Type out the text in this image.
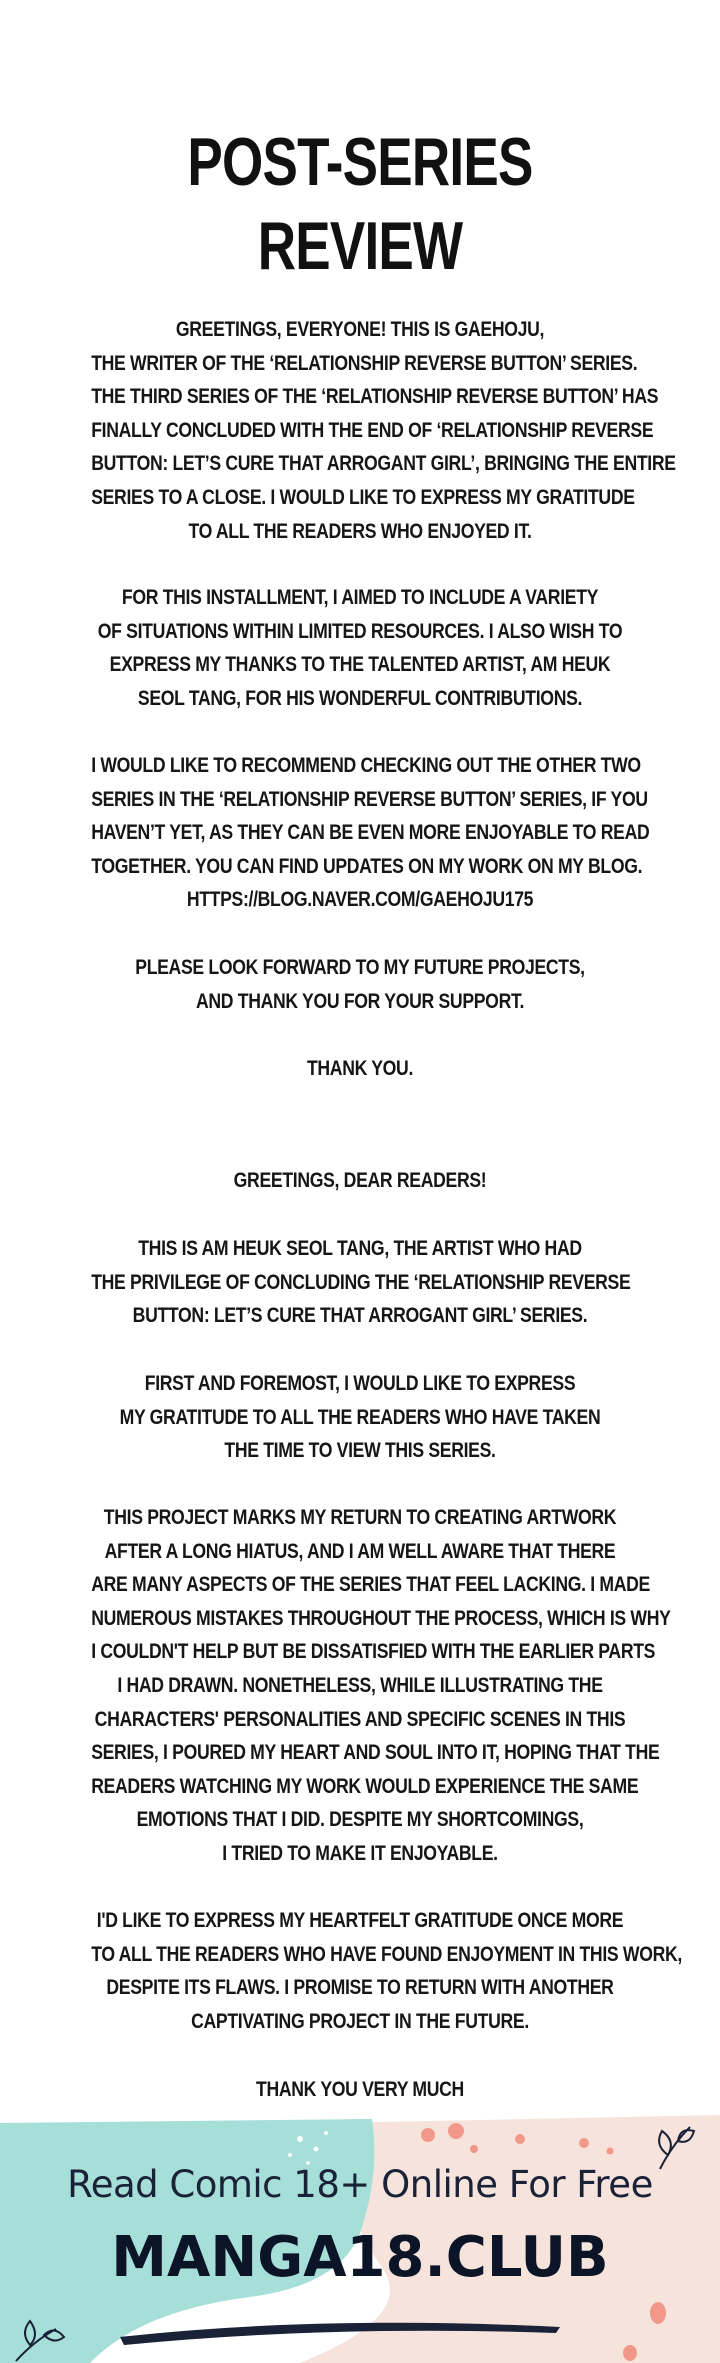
POST-SERIES REVIEW
GREETINGS, EVERYONE! THIS IS GAEHOJU,
THE WRITER OF THE ‘RELATIONSHIP REVERSE BUTTON’ SERIES.
THE THIRD SERIES OF THE ‘RELATIONSHIP REVERSE BUTTON’ HAS
FINALLY CONCLUDED WITH THE END OF ‘RELATIONSHIP REVERSE
BUTTON: LET’S CURE THAT ARROGANT GIRL’, BRINGING THE ENTIRE
SERIES TO A CLOSE. I WOULD LIKE TO EXPRESS MY GRATITUDE
TO ALL THE READERS WHO ENJOYED IT.
FOR THIS INSTALLMENT, I AIMED TO INCLUDE A VARIETY
OF SITUATIONS WITHIN LIMITED RESOURCES. I ALSO WISH TO
EXPRESS MY THANKS TO THE TALENTED ARTIST, AM HEUK
SEOL TANG, FOR HIS WONDERFUL CONTRIBUTIONS.
I WOULD LIKE TO RECOMMEND CHECKING OUT THE OTHER TWO
SERIES IN THE ‘RELATIONSHIP REVERSE BUTTON’ SERIES, IF YOU
HAVEN’T YET, AS THEY CAN BE EVEN MORE ENJOYABLE TO READ
TOGETHER. YOU CAN FIND UPDATES ON MY WORK ON MY BLOG.
HTTPS://BLOG.NAVER.COM/GAEHOJU175
PLEASE LOOK FORWARD TO MY FUTURE PROJECTS,
AND THANK YOU FOR YOUR SUPPORT.
THANK YOU.
GREETINGS, DEAR READERS!
THIS IS AM HEUK SEOL TANG, THE ARTIST WHO HAD
THE PRIVILEGE OF CONCLUDING THE ‘RELATIONSHIP REVERSE
BUTTON: LET’S CURE THAT ARROGANT GIRL’ SERIES.
FIRST AND FOREMOST, I WOULD LIKE TO EXPRESS
MY GRATITUDE TO ALL THE READERS WHO HAVE TAKEN
THE TIME TO VIEW THIS SERIES.
THIS PROJECT MARKS MY RETURN TO CREATING ARTWORK
AFTER A LONG HIATUS, AND I AM WELL AWARE THAT THERE
ARE MANY ASPECTS OF THE SERIES THAT FEEL LACKING. I MADE
NUMEROUS MISTAKES THROUGHOUT THE PROCESS, WHICH IS WHY
I COULDN'T HELP BUT BE DISSATISFIED WITH THE EARLIER PARTS
I HAD DRAWN. NONETHELESS, WHILE ILLUSTRATING THE
CHARACTERS' PERSONALITIES AND SPECIFIC SCENES IN THIS
SERIES, I POURED MY HEART AND SOUL INTO IT, HOPING THAT THE
READERS WATCHING MY WORK WOULD EXPERIENCE THE SAME
EMOTIONS THAT I DID. DESPITE MY SHORTCOMINGS,
I TRIED TO MAKE IT ENJOYABLE.
I'D LIKE TO EXPRESS MY HEARTFELT GRATITUDE ONCE MORE
TO ALL THE READERS WHO HAVE FOUND ENJOYMENT IN THIS WORK,
DESPITE ITS FLAWS. I PROMISE TO RETURN WITH ANOTHER
CAPTIVATING PROJECT IN THE FUTURE.
THANK YOU VERY MUCH
Read Comic 18+ Online For Free
MANGA18.CLUB
